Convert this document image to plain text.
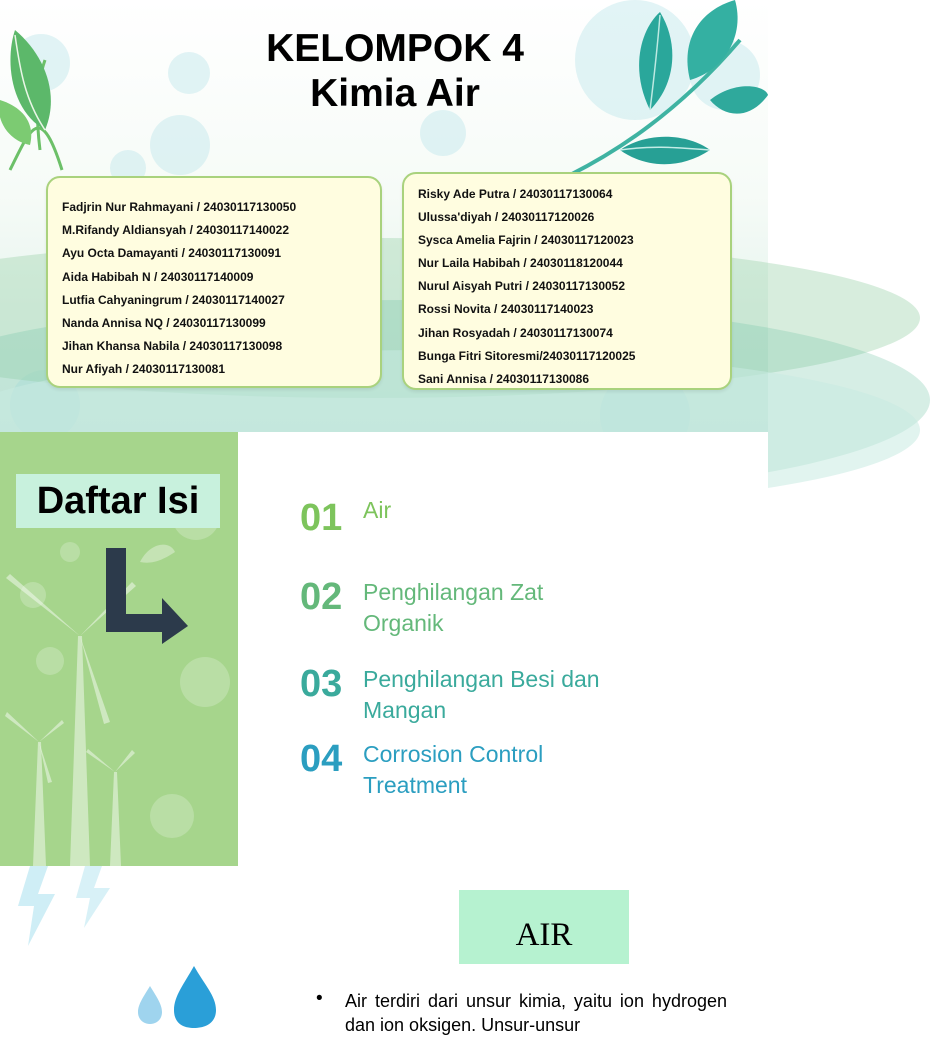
KELOMPOK 4
Kimia Air
Fadjrin Nur Rahmayani / 24030117130050
M.Rifandy Aldiansyah / 24030117140022
Ayu Octa Damayanti / 24030117130091
Aida Habibah N / 24030117140009
Lutfia Cahyaningrum / 24030117140027
Nanda Annisa NQ / 24030117130099
Jihan Khansa Nabila / 24030117130098
Nur Afiyah / 24030117130081
Risky Ade Putra / 24030117130064
Ulussa'diyah / 24030117120026
Sysca Amelia Fajrin / 24030117120023
Nur Laila Habibah / 24030118120044
Nurul Aisyah Putri / 24030117130052
Rossi Novita / 24030117140023
Jihan Rosyadah / 24030117130074
Bunga Fitri Sitoresmi/24030117120025
Sani Annisa / 24030117130086
Daftar Isi	01 Air
02 Penghilangan Zat
Organik
03 Penghilangan Besi dan
Mangan
04 Corrosion Control
Treatment
AIR
• Air terdiri dari unsur kimia, yaitu ion hydrogen dan ion oksigen. Unsur-unsur
